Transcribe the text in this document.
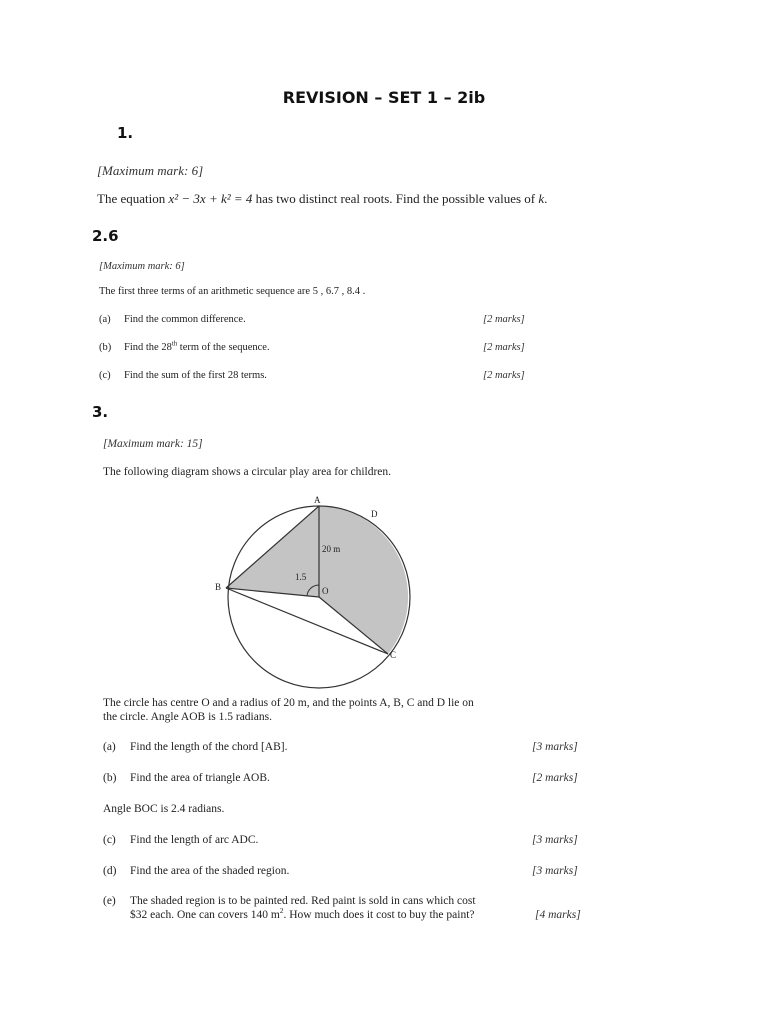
REVISION – SET 1 – 2ib
1.
[Maximum mark: 6]
The equation x² − 3x + k² = 4 has two distinct real roots. Find the possible values of k.
2.6
[Maximum mark: 6]
The first three terms of an arithmetic sequence are 5 , 6.7 , 8.4 .
(a) Find the common difference.	[2 marks]
(b) Find the 28th term of the sequence.	[2 marks]
(c) Find the sum of the first 28 terms.	[2 marks]
3.
[Maximum mark: 15]
The following diagram shows a circular play area for children.
A
D
B	O
C
20 m
1.5
The circle has centre O and a radius of 20 m, and the points A, B, C and D lie on
the circle. Angle AOB is 1.5 radians.
(a) Find the length of the chord [AB].	[3 marks]
(b) Find the area of triangle AOB.	[2 marks]
Angle BOC is 2.4 radians.
(c) Find the length of arc ADC.	[3 marks]
(d) Find the area of the shaded region.	[3 marks]
(e) The shaded region is to be painted red. Red paint is sold in cans which cost
$32 each. One can covers 140 $m^2$. How much does it cost to buy the paint?	[4 marks]
